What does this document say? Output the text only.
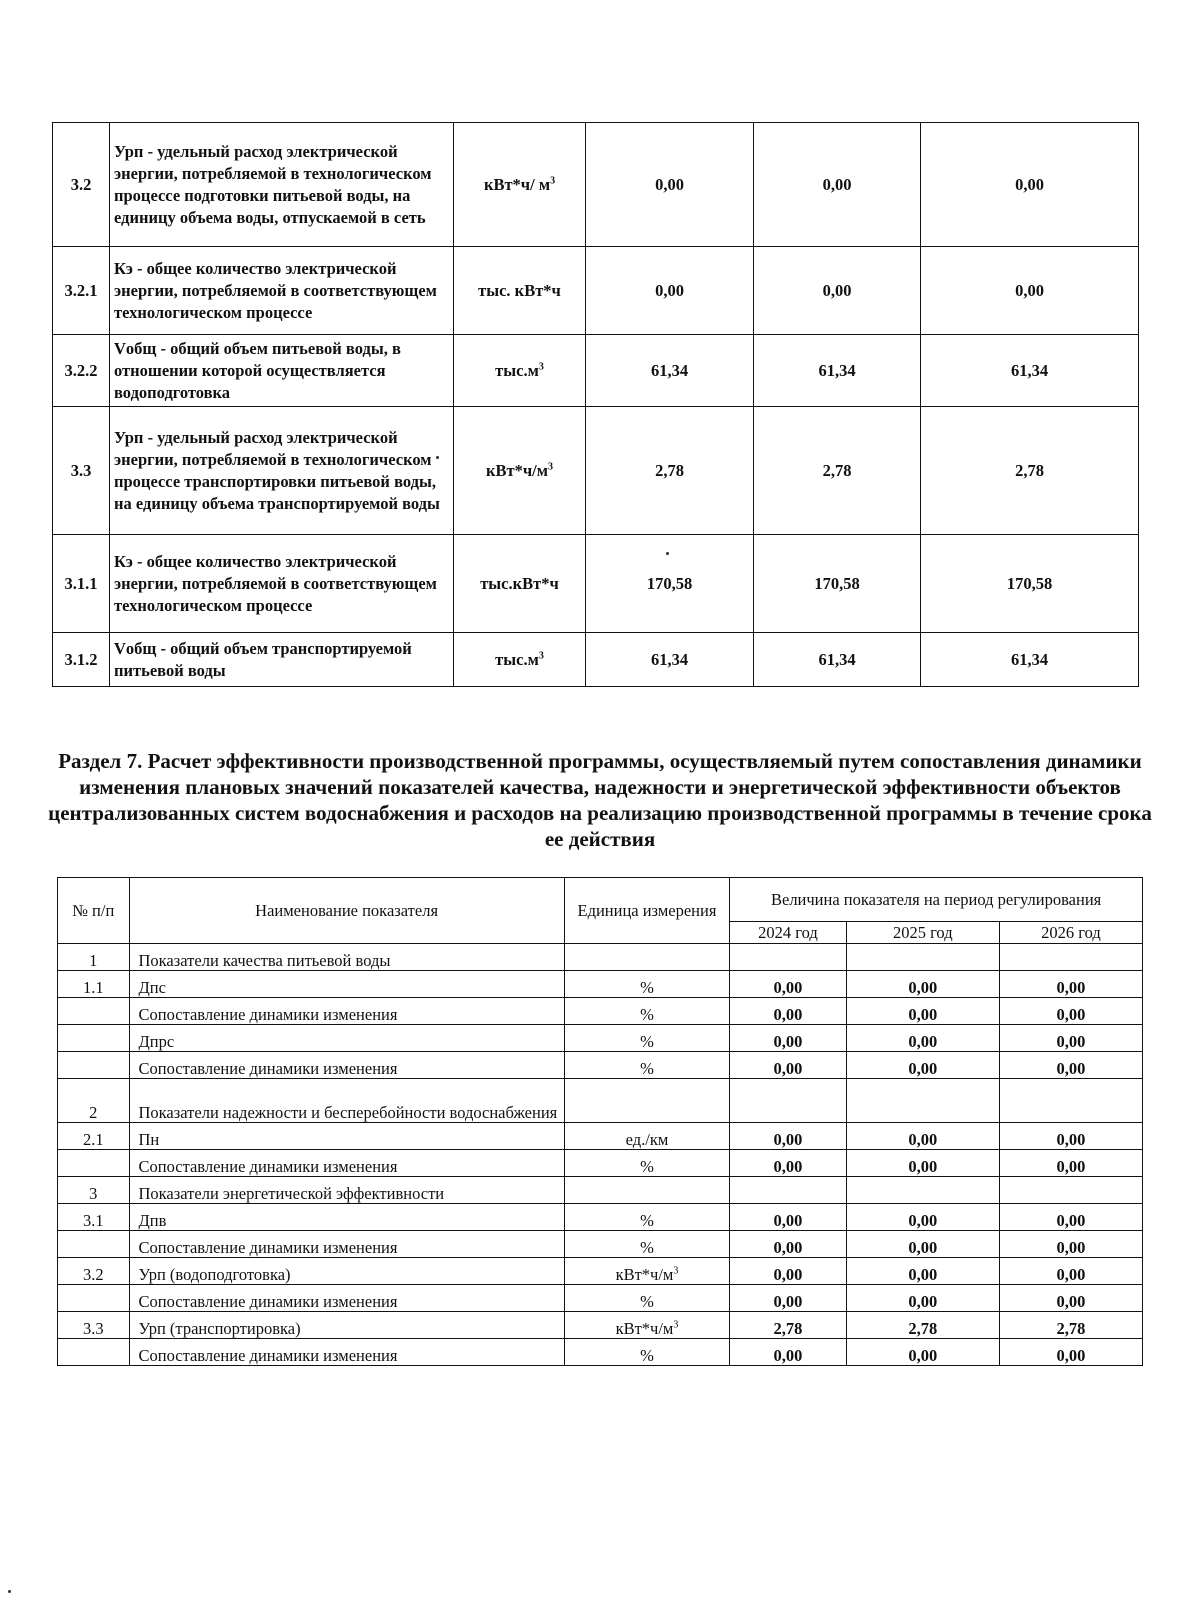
3.2	Урп - удельный расход электрической энергии, потребляемой в технологическом процессе подготовки питьевой воды, на единицу объема воды, отпускаемой в сеть	кВт*ч/ $м^3$	0,00	0,00	0,00
3.2.1	Кэ - общее количество электрической энергии, потребляемой в соответствующем технологическом процессе	тыс. кВт*ч	0,00	0,00	0,00
3.2.2	Vобщ - общий объем питьевой воды, в отношении которой осуществляется водоподготовка	$тыс.м^3$	61,34	61,34	61,34
3.3	Урп - удельный расход электрической энергии, потребляемой в технологическом процессе транспортировки питьевой воды, на единицу объема транспортируемой воды	$кВт*ч/м^3$	2,78	2,78	2,78
3.1.1	Кэ - общее количество электрической энергии, потребляемой в соответствующем технологическом процессе	тыс.кВт*ч	170,58	170,58	170,58
3.1.2	Vобщ - общий объем транспортируемой питьевой воды	$тыс.м^3$	61,34	61,34	61,34
Раздел 7. Расчет эффективности производственной программы, осуществляемый путем сопоставления динамики изменения плановых значений показателей качества, надежности и энергетической эффективности объектов централизованных систем водоснабжения и расходов на реализацию производственной программы в течение срока ее действия
№ п/п	Наименование показателя	Единица измерения	Величина показателя на период регулирования		
			2024 год	2025 год	2026 год
1	Показатели качества питьевой воды				
1.1	Дпс	%	0,00	0,00	0,00
	Сопоставление динамики изменения	%	0,00	0,00	0,00
	Дпрс	%	0,00	0,00	0,00
	Сопоставление динамики изменения	%	0,00	0,00	0,00
2	Показатели надежности и бесперебойности водоснабжения				
2.1	Пн	ед./км	0,00	0,00	0,00
	Сопоставление динамики изменения	%	0,00	0,00	0,00
3	Показатели энергетической эффективности				
3.1	Дпв	%	0,00	0,00	0,00
	Сопоставление динамики изменения	%	0,00	0,00	0,00
3.2	Урп (водоподготовка)	$кВт*ч/м^3$	0,00	0,00	0,00
	Сопоставление динамики изменения	%	0,00	0,00	0,00
3.3	Урп (транспортировка)	$кВт*ч/м^3$	2,78	2,78	2,78
	Сопоставление динамики изменения	%	0,00	0,00	0,00
